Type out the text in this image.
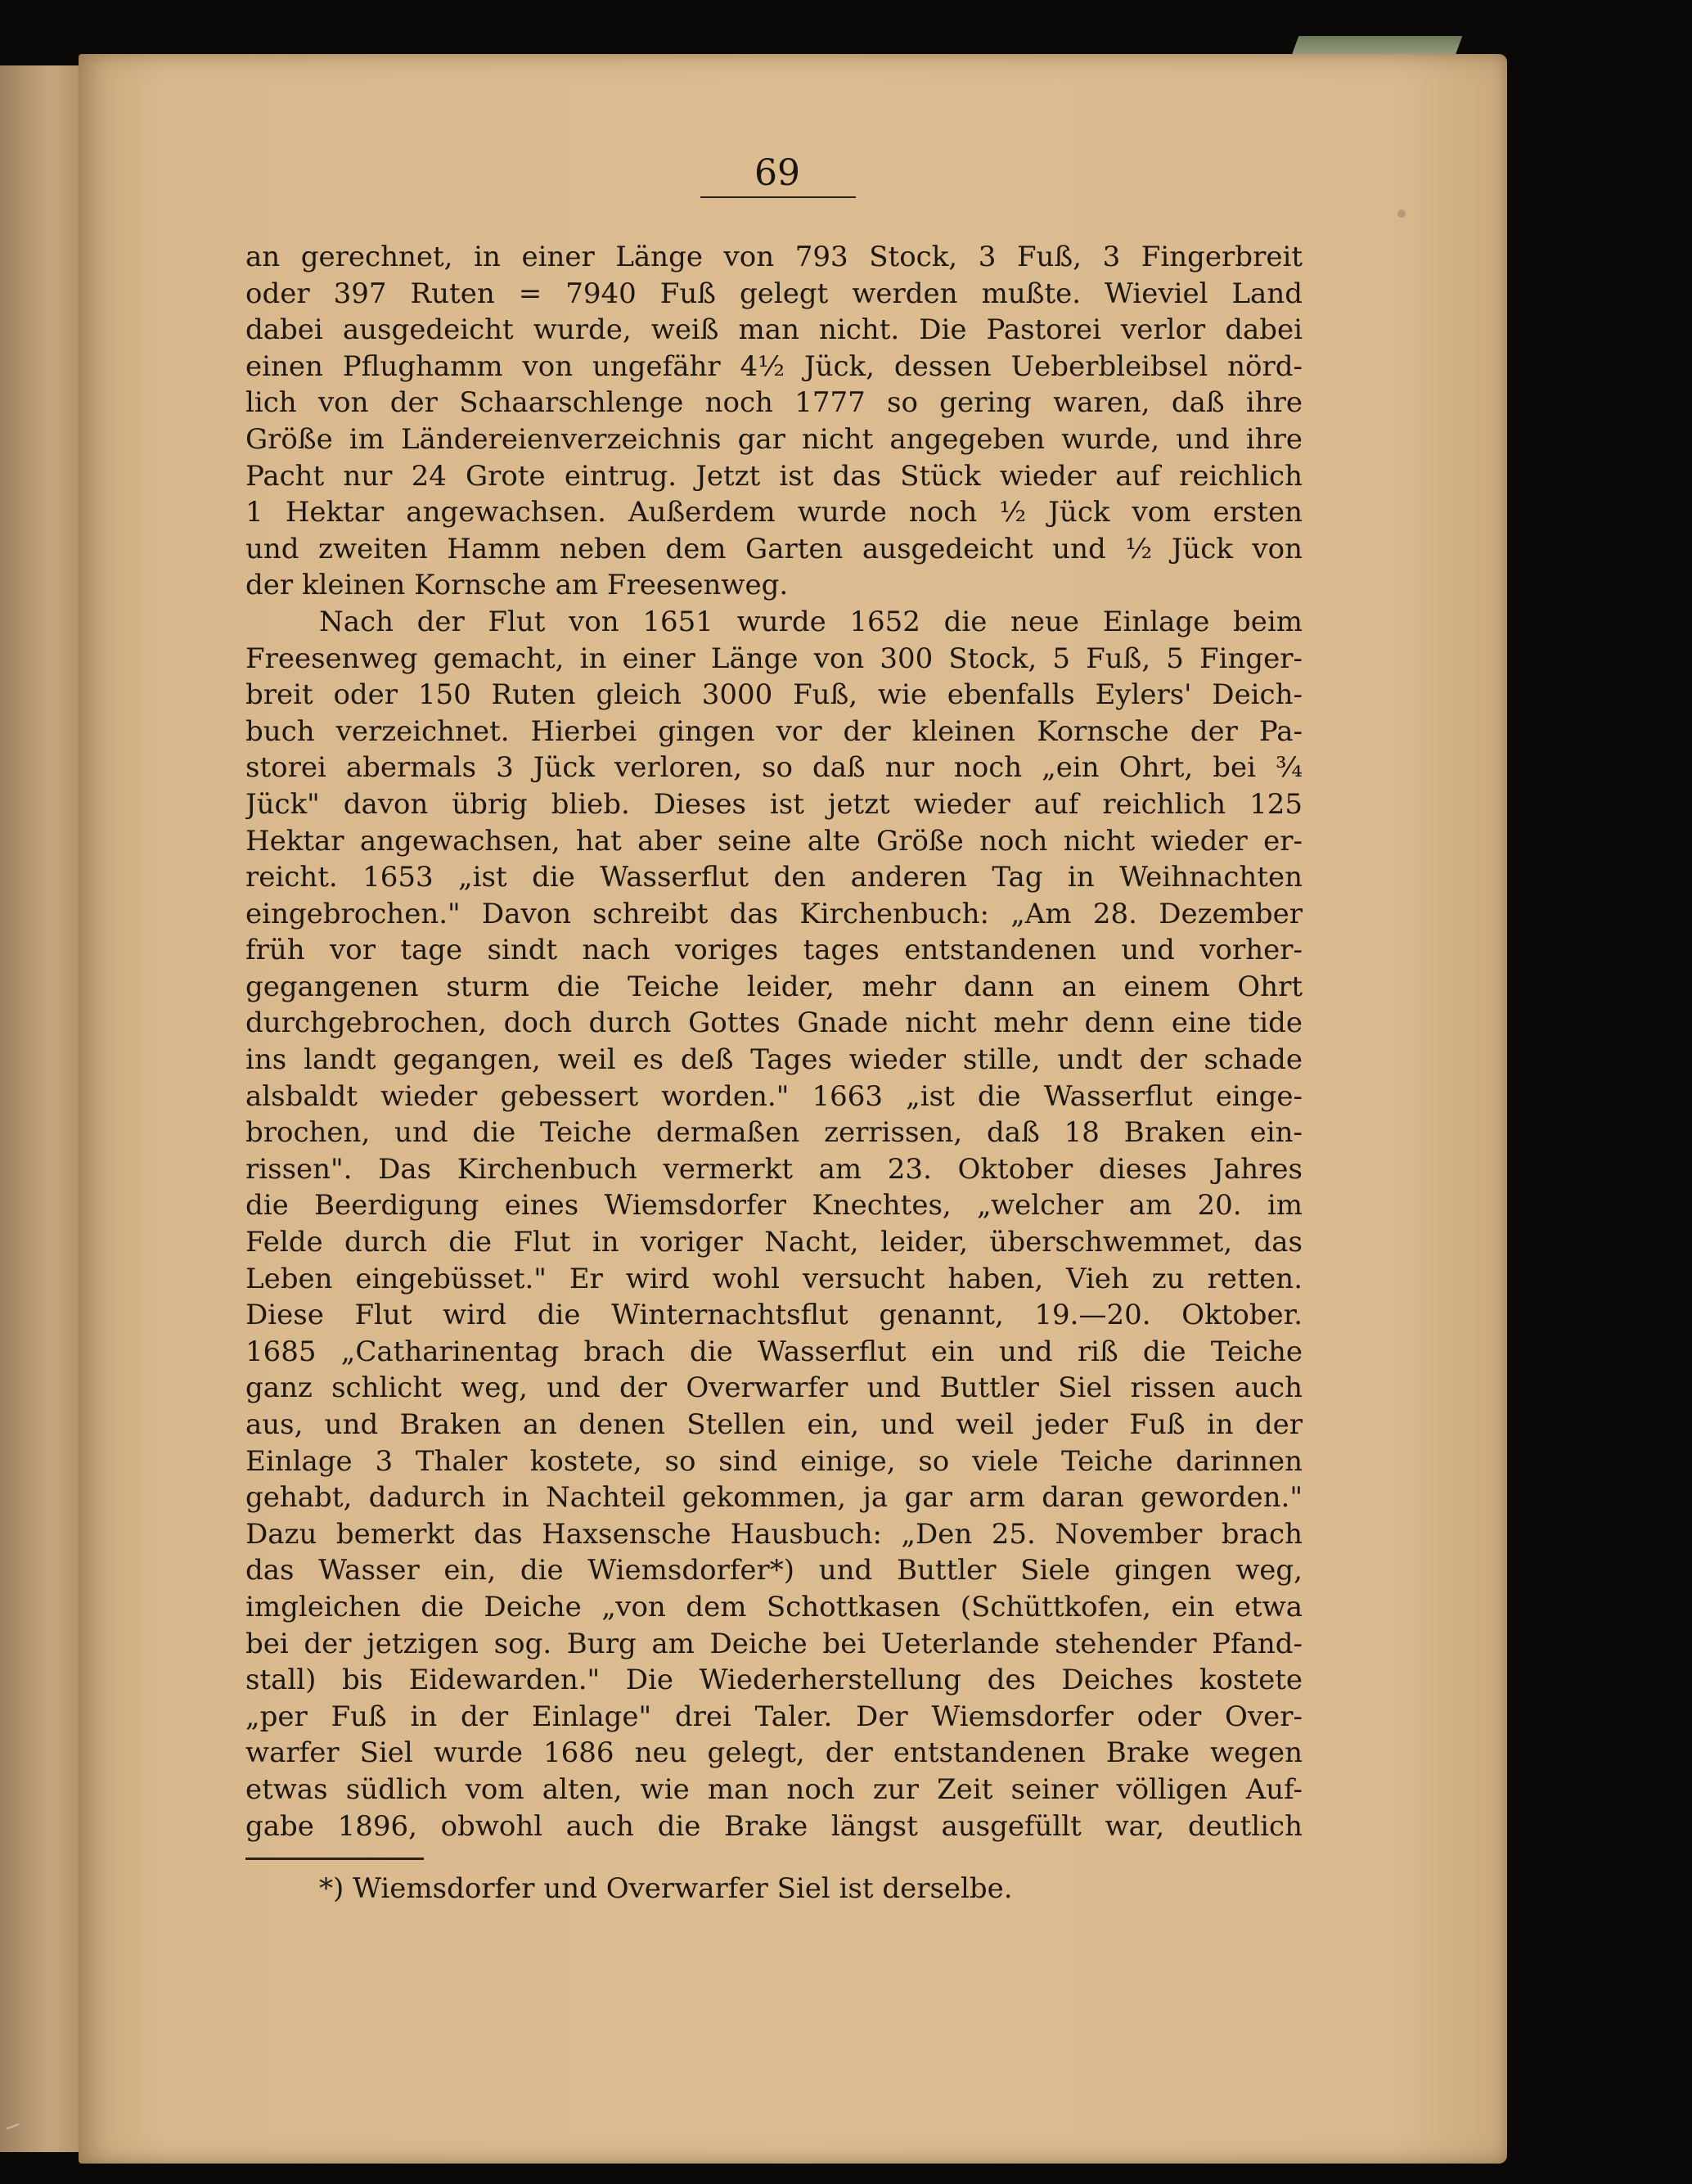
69
an gerechnet, in einer Länge von 793 Stock, 3 Fuß, 3 Fingerbreit
oder 397 Ruten = 7940 Fuß gelegt werden mußte. Wieviel Land
dabei ausgedeicht wurde, weiß man nicht. Die Pastorei verlor dabei
einen Pflughamm von ungefähr 4½ Jück, dessen Ueberbleibsel nörd-
lich von der Schaarschlenge noch 1777 so gering waren, daß ihre
Größe im Ländereienverzeichnis gar nicht angegeben wurde, und ihre
Pacht nur 24 Grote eintrug. Jetzt ist das Stück wieder auf reichlich
1 Hektar angewachsen. Außerdem wurde noch ½ Jück vom ersten
und zweiten Hamm neben dem Garten ausgedeicht und ½ Jück von
der kleinen Kornsche am Freesenweg.
Nach der Flut von 1651 wurde 1652 die neue Einlage beim
Freesenweg gemacht, in einer Länge von 300 Stock, 5 Fuß, 5 Finger-
breit oder 150 Ruten gleich 3000 Fuß, wie ebenfalls Eylers' Deich-
buch verzeichnet. Hierbei gingen vor der kleinen Kornsche der Pa-
storei abermals 3 Jück verloren, so daß nur noch „ein Ohrt, bei ¾
Jück" davon übrig blieb. Dieses ist jetzt wieder auf reichlich 125
Hektar angewachsen, hat aber seine alte Größe noch nicht wieder er-
reicht. 1653 „ist die Wasserflut den anderen Tag in Weihnachten
eingebrochen." Davon schreibt das Kirchenbuch: „Am 28. Dezember
früh vor tage sindt nach voriges tages entstandenen und vorher-
gegangenen sturm die Teiche leider, mehr dann an einem Ohrt
durchgebrochen, doch durch Gottes Gnade nicht mehr denn eine tide
ins landt gegangen, weil es deß Tages wieder stille, undt der schade
alsbaldt wieder gebessert worden." 1663 „ist die Wasserflut einge-
brochen, und die Teiche dermaßen zerrissen, daß 18 Braken ein-
rissen". Das Kirchenbuch vermerkt am 23. Oktober dieses Jahres
die Beerdigung eines Wiemsdorfer Knechtes, „welcher am 20. im
Felde durch die Flut in voriger Nacht, leider, überschwemmet, das
Leben eingebüsset." Er wird wohl versucht haben, Vieh zu retten.
Diese Flut wird die Winternachtsflut genannt, 19.—20. Oktober.
1685 „Catharinentag brach die Wasserflut ein und riß die Teiche
ganz schlicht weg, und der Overwarfer und Buttler Siel rissen auch
aus, und Braken an denen Stellen ein, und weil jeder Fuß in der
Einlage 3 Thaler kostete, so sind einige, so viele Teiche darinnen
gehabt, dadurch in Nachteil gekommen, ja gar arm daran geworden."
Dazu bemerkt das Haxsensche Hausbuch: „Den 25. November brach
das Wasser ein, die Wiemsdorfer*) und Buttler Siele gingen weg,
imgleichen die Deiche „von dem Schottkasen (Schüttkofen, ein etwa
bei der jetzigen sog. Burg am Deiche bei Ueterlande stehender Pfand-
stall) bis Eidewarden." Die Wiederherstellung des Deiches kostete
„per Fuß in der Einlage" drei Taler. Der Wiemsdorfer oder Over-
warfer Siel wurde 1686 neu gelegt, der entstandenen Brake wegen
etwas südlich vom alten, wie man noch zur Zeit seiner völligen Auf-
gabe 1896, obwohl auch die Brake längst ausgefüllt war, deutlich
*) Wiemsdorfer und Overwarfer Siel ist derselbe.
